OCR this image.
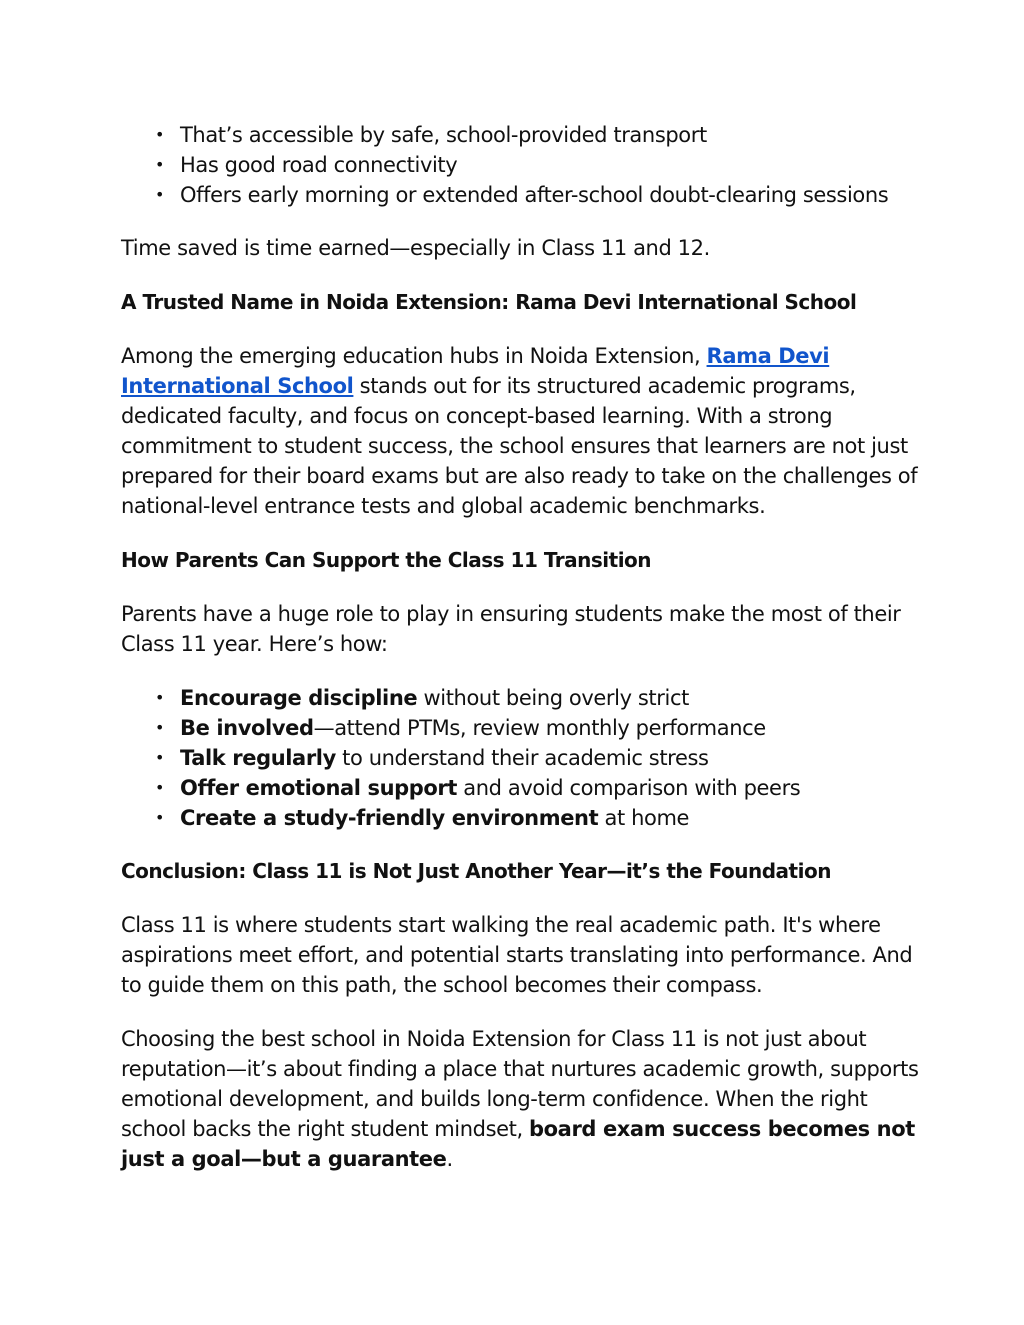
• That’s accessible by safe, school-provided transport
• Has good road connectivity
• Offers early morning or extended after-school doubt-clearing sessions

Time saved is time earned—especially in Class 11 and 12.

A Trusted Name in Noida Extension: Rama Devi International School

Among the emerging education hubs in Noida Extension, Rama Devi International School stands out for its structured academic programs, dedicated faculty, and focus on concept-based learning. With a strong commitment to student success, the school ensures that learners are not just prepared for their board exams but are also ready to take on the challenges of national-level entrance tests and global academic benchmarks.

How Parents Can Support the Class 11 Transition

Parents have a huge role to play in ensuring students make the most of their Class 11 year. Here’s how:

• Encourage discipline without being overly strict
• Be involved—attend PTMs, review monthly performance
• Talk regularly to understand their academic stress
• Offer emotional support and avoid comparison with peers
• Create a study-friendly environment at home

Conclusion: Class 11 is Not Just Another Year—it’s the Foundation

Class 11 is where students start walking the real academic path. It's where aspirations meet effort, and potential starts translating into performance. And to guide them on this path, the school becomes their compass.

Choosing the best school in Noida Extension for Class 11 is not just about reputation—it’s about finding a place that nurtures academic growth, supports emotional development, and builds long-term confidence. When the right school backs the right student mindset, board exam success becomes not just a goal—but a guarantee.
